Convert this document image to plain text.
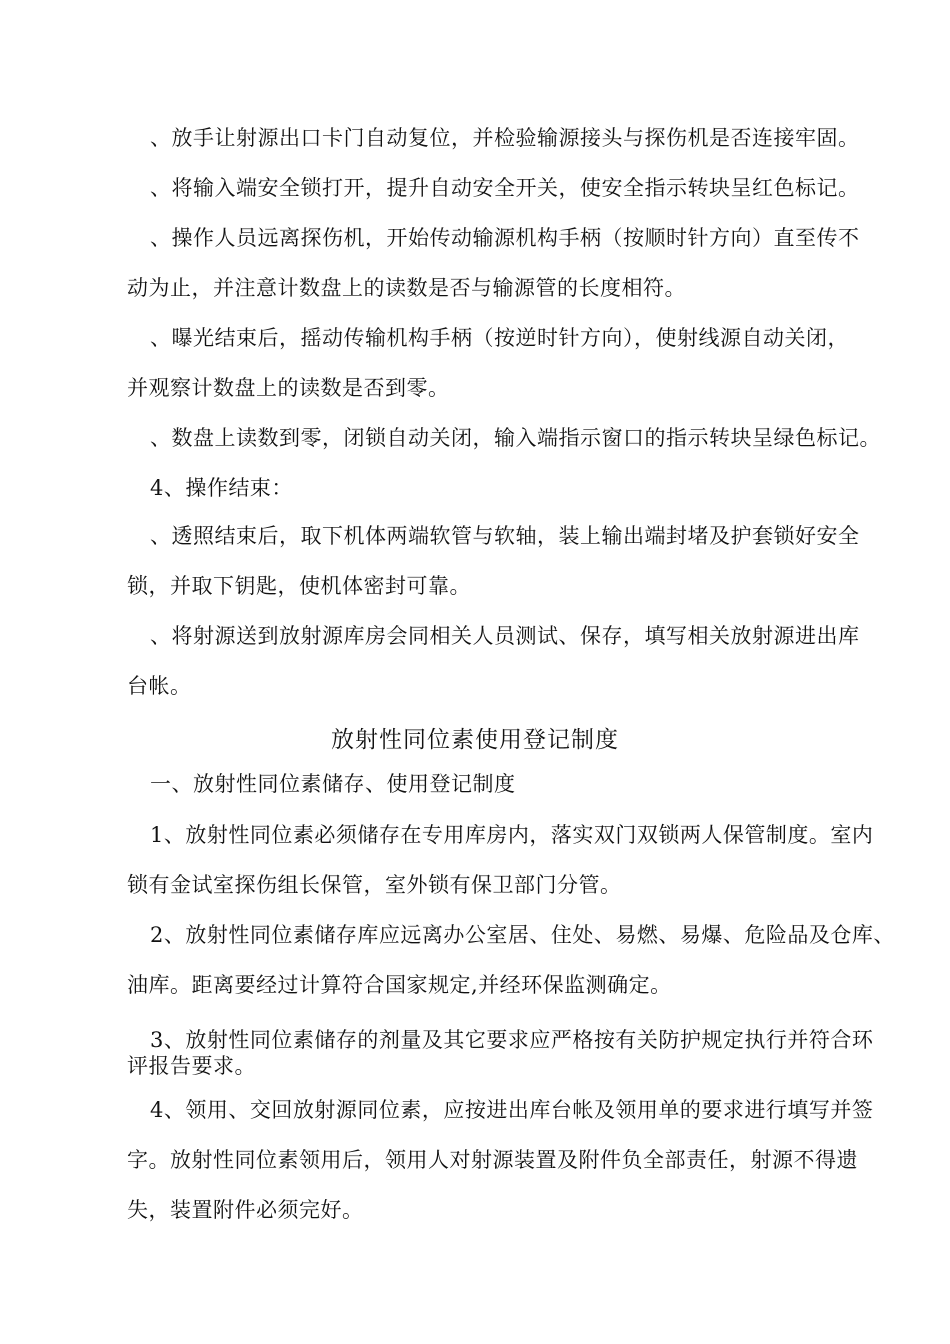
、放手让射源出口卡门自动复位，并检验输源接头与探伤机是否连接牢固。
、将输入端安全锁打开，提升自动安全开关，使安全指示转块呈红色标记。
、操作人员远离探伤机，开始传动输源机构手柄（按顺时针方向）直至传不
动为止，并注意计数盘上的读数是否与输源管的长度相符。
、曝光结束后，摇动传输机构手柄（按逆时针方向），使射线源自动关闭，
并观察计数盘上的读数是否到零。
、数盘上读数到零，闭锁自动关闭，输入端指示窗口的指示转块呈绿色标记。
4、操作结束：
、透照结束后，取下机体两端软管与软轴，装上输出端封堵及护套锁好安全
锁，并取下钥匙，使机体密封可靠。
、将射源送到放射源库房会同相关人员测试、保存，填写相关放射源进出库
台帐。
放射性同位素使用登记制度
一、放射性同位素储存、使用登记制度
1、放射性同位素必须储存在专用库房内，落实双门双锁两人保管制度。室内
锁有金试室探伤组长保管，室外锁有保卫部门分管。
2、放射性同位素储存库应远离办公室居、住处、易燃、易爆、危险品及仓库、
油库。距离要经过计算符合国家规定,并经环保监测确定。
3、放射性同位素储存的剂量及其它要求应严格按有关防护规定执行并符合环
评报告要求。
4、领用、交回放射源同位素，应按进出库台帐及领用单的要求进行填写并签
字。放射性同位素领用后，领用人对射源装置及附件负全部责任，射源不得遗
失，装置附件必须完好。
